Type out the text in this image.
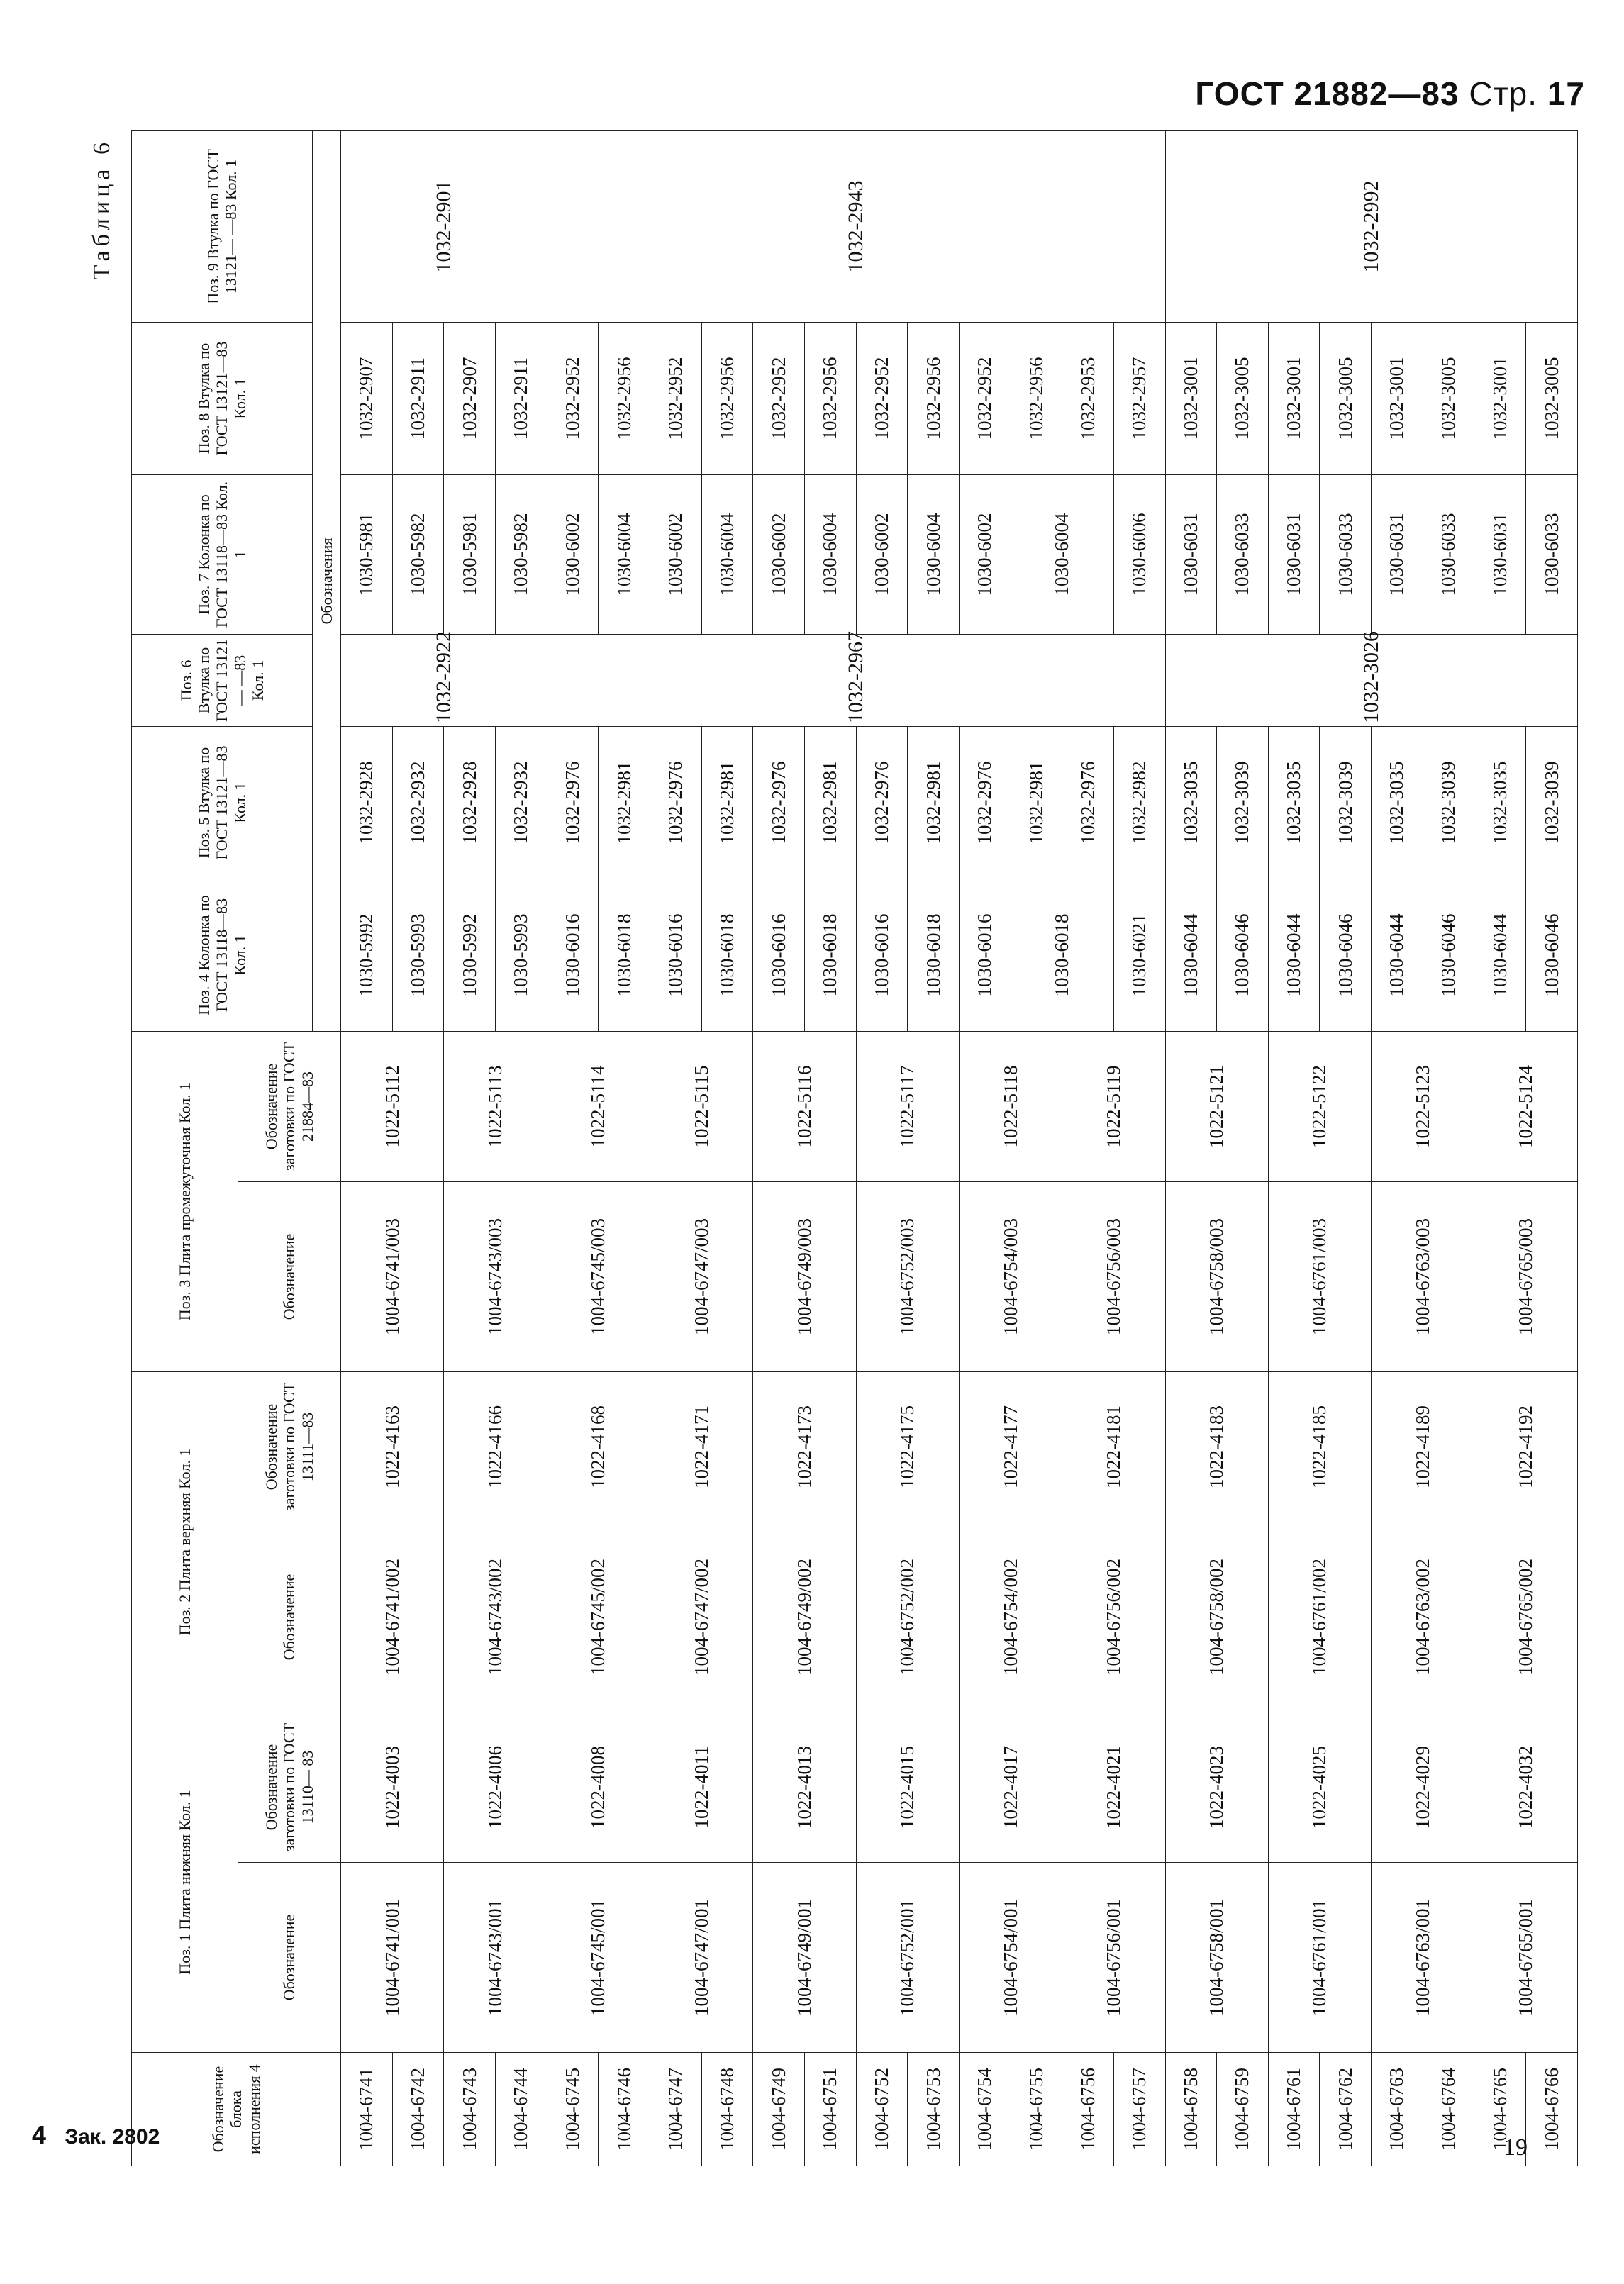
ГОСТ 21882—83 Стр. 17
Таблица 6
Обозначение блока исполнения 4	Поз. 1 Плита нижняя Кол. 1		Поз. 2 Плита верхняя Кол. 1		Поз. 3 Плита промежуточная Кол. 1		Поз. 4 Колонка по ГОСТ 13118—83 Кол. 1	Поз. 5 Втулка по ГОСТ 13121—83 Кол. 1	Поз. 6 Втулка по ГОСТ 13121— —83 Кол. 1	Поз. 7 Колонка по ГОСТ 13118—83 Кол. 1	Поз. 8 Втулка по ГОСТ 13121—83 Кол. 1	Поз. 9 Втулка по ГОСТ 13121— —83 Кол. 1
	Обозначение	Обозначение заготовки по ГОСТ 13110— 83	Обозначение	Обозначение заготовки по ГОСТ 13111—83	Обозначение	Обозначение заготовки по ГОСТ 21884—83						
							Обозначения					
1004-6741	1004-6741/001	1022-4003	1004-6741/002	1022-4163	1004-6741/003	1022-5112	1030-5992	1032-2928	1032-2922	1030-5981	1032-2907	1032-2901
1004-6742							1030-5993	1032-2932		1030-5982	1032-2911	
1004-6743	1004-6743/001	1022-4006	1004-6743/002	1022-4166	1004-6743/003	1022-5113	1030-5992	1032-2928		1030-5981	1032-2907	
1004-6744							1030-5993	1032-2932		1030-5982	1032-2911	
1004-6745	1004-6745/001	1022-4008	1004-6745/002	1022-4168	1004-6745/003	1022-5114	1030-6016	1032-2976	1032-2967	1030-6002	1032-2952	1032-2943
1004-6746							1030-6018	1032-2981		1030-6004	1032-2956	
1004-6747	1004-6747/001	1022-4011	1004-6747/002	1022-4171	1004-6747/003	1022-5115	1030-6016	1032-2976		1030-6002	1032-2952	
1004-6748							1030-6018	1032-2981		1030-6004	1032-2956	
1004-6749	1004-6749/001	1022-4013	1004-6749/002	1022-4173	1004-6749/003	1022-5116	1030-6016	1032-2976		1030-6002	1032-2952	
1004-6751							1030-6018	1032-2981		1030-6004	1032-2956	
1004-6752	1004-6752/001	1022-4015	1004-6752/002	1022-4175	1004-6752/003	1022-5117	1030-6016	1032-2976		1030-6002	1032-2952	
1004-6753							1030-6018	1032-2981		1030-6004	1032-2956	
1004-6754	1004-6754/001	1022-4017	1004-6754/002	1022-4177	1004-6754/003	1022-5118	1030-6016	1032-2976		1030-6002	1032-2952	
1004-6755							1030-6018	1032-2981		1030-6004	1032-2956	
1004-6756	1004-6756/001	1022-4021	1004-6756/002	1022-4181	1004-6756/003	1022-5119		1032-2976			1032-2953	
1004-6757							1030-6021	1032-2982		1030-6006	1032-2957	
1004-6758	1004-6758/001	1022-4023	1004-6758/002	1022-4183	1004-6758/003	1022-5121	1030-6044	1032-3035	1032-3026	1030-6031	1032-3001	1032-2992
1004-6759							1030-6046	1032-3039		1030-6033	1032-3005	
1004-6761	1004-6761/001	1022-4025	1004-6761/002	1022-4185	1004-6761/003	1022-5122	1030-6044	1032-3035		1030-6031	1032-3001	
1004-6762							1030-6046	1032-3039		1030-6033	1032-3005	
1004-6763	1004-6763/001	1022-4029	1004-6763/002	1022-4189	1004-6763/003	1022-5123	1030-6044	1032-3035		1030-6031	1032-3001	
1004-6764							1030-6046	1032-3039		1030-6033	1032-3005	
1004-6765	1004-6765/001	1022-4032	1004-6765/002	1022-4192	1004-6765/003	1022-5124	1030-6044	1032-3035		1030-6031	1032-3001	
1004-6766							1030-6046	1032-3039		1030-6033	1032-3005	
4 Зак. 2802	19
